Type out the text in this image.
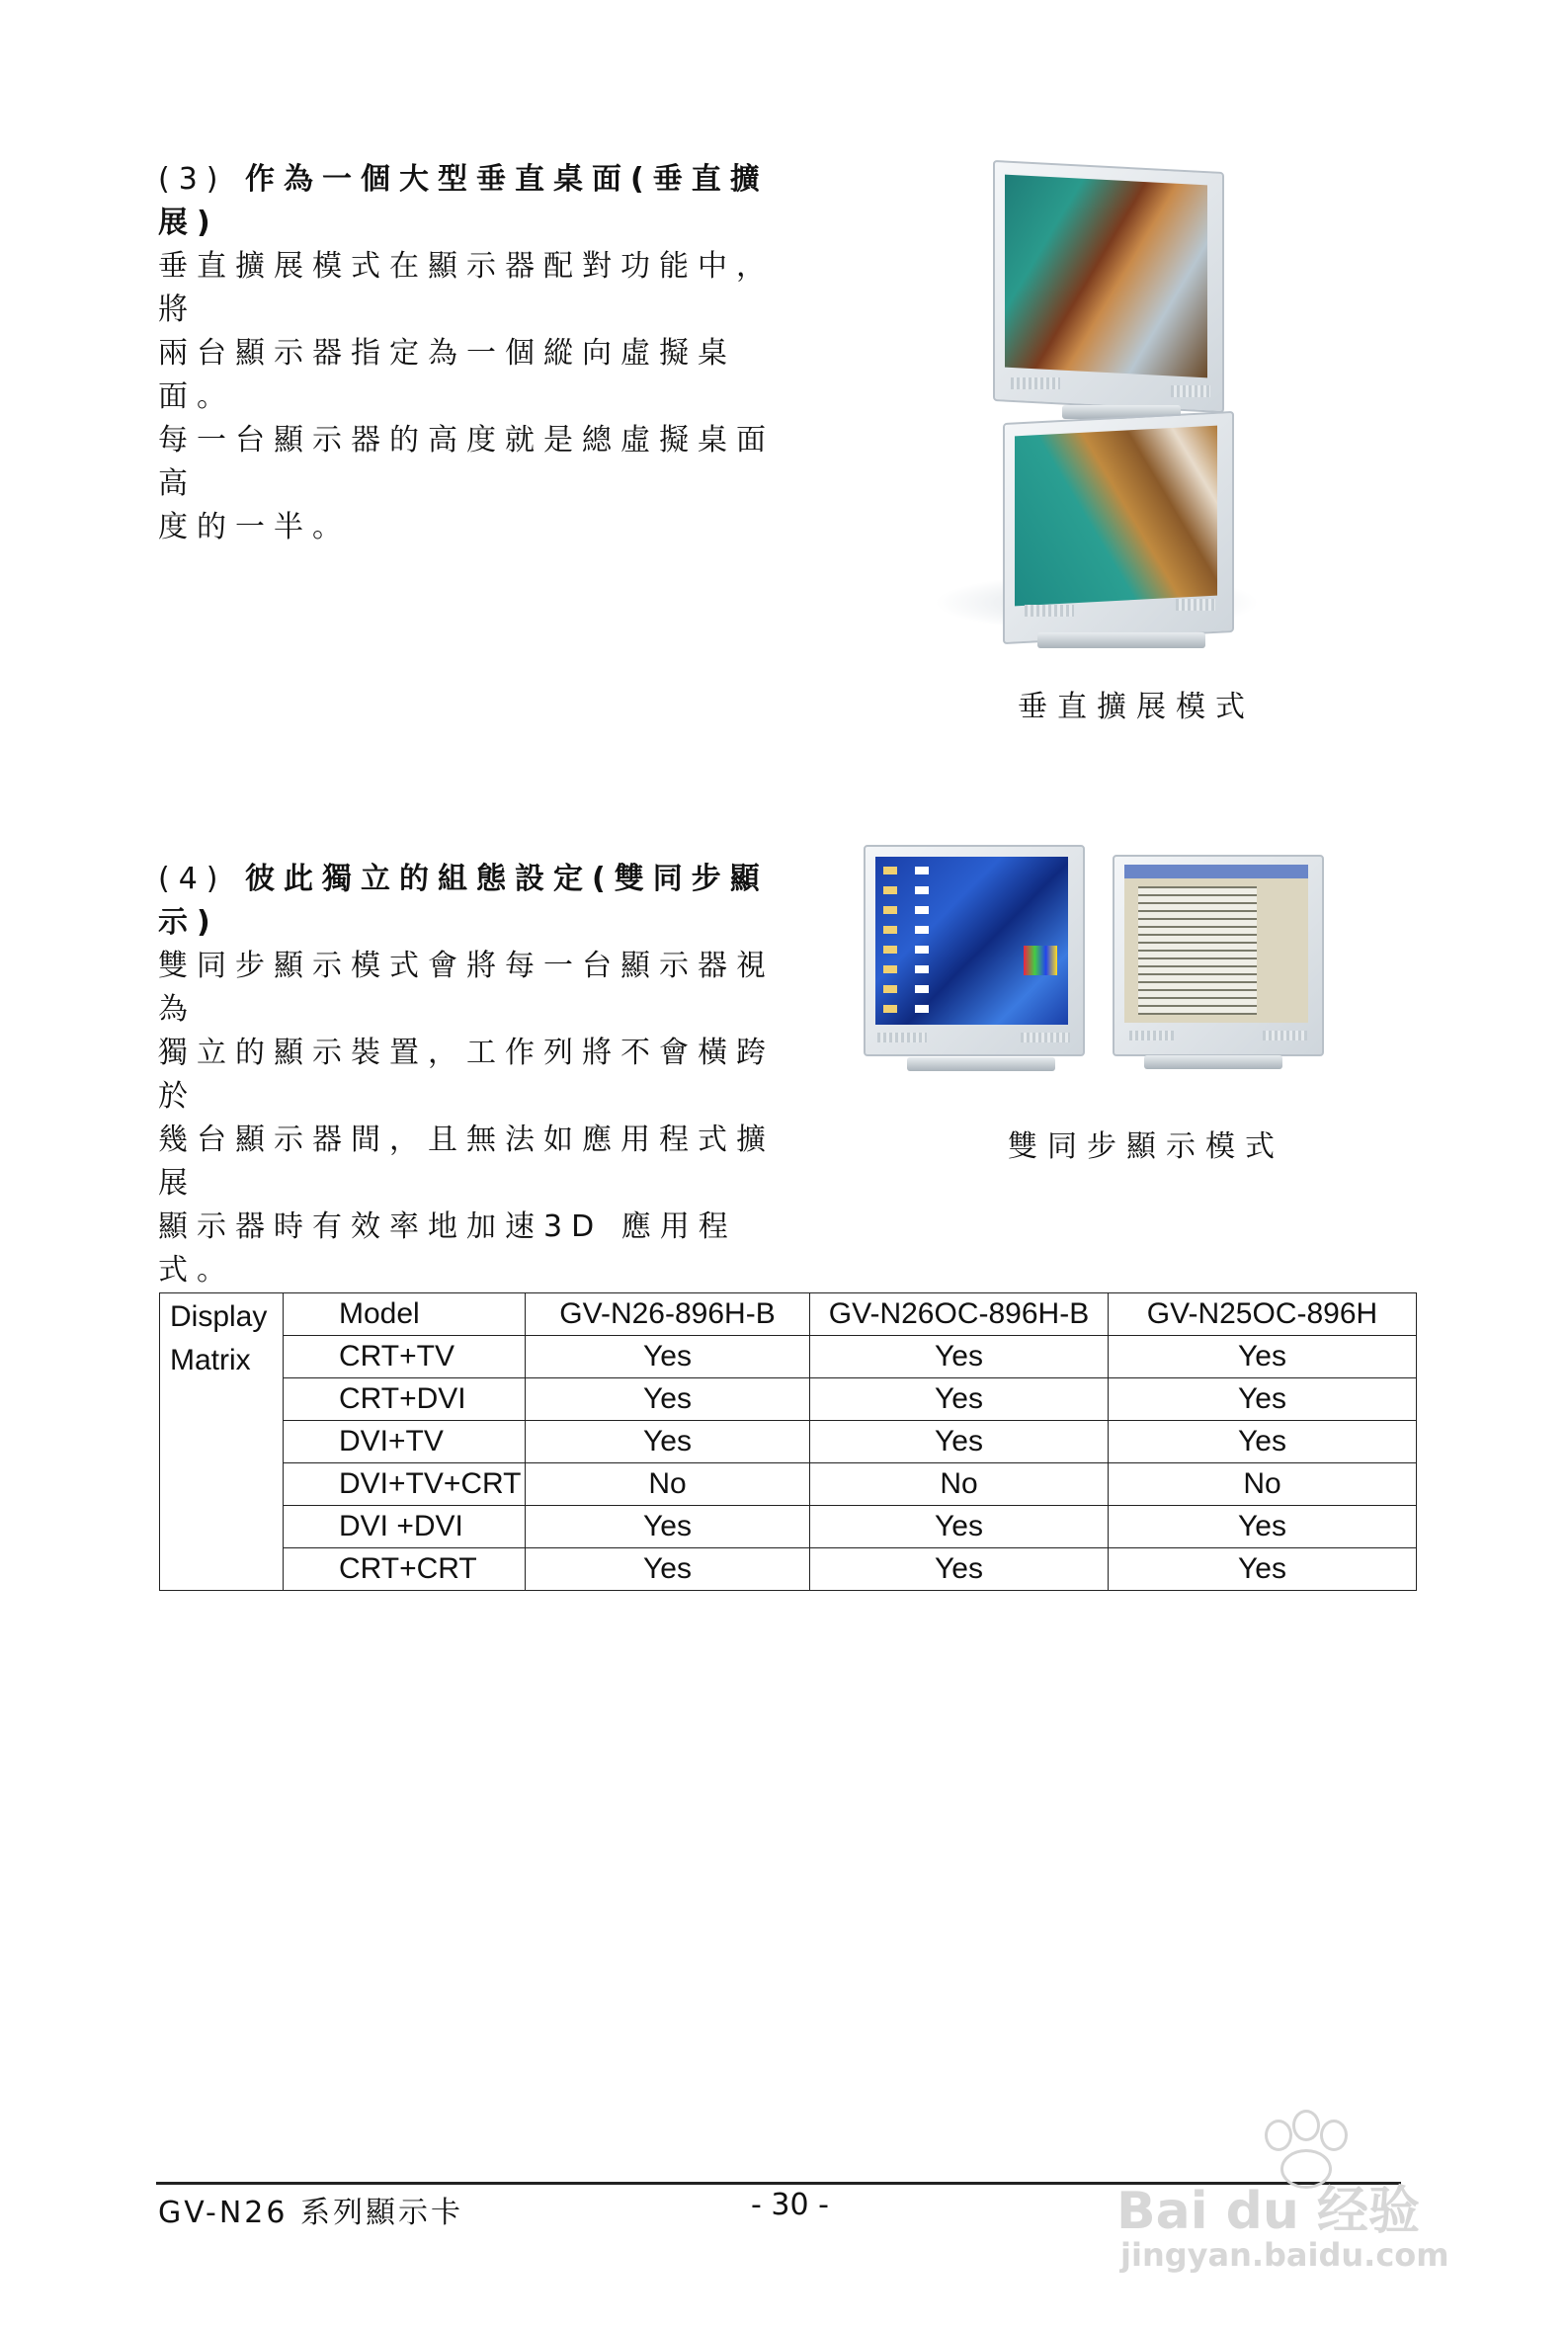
(3) 作為一個大型垂直桌面(垂直擴展)

垂直擴展模式在顯示器配對功能中，將

兩台顯示器指定為一個縱向虛擬桌面。

每一台顯示器的高度就是總虛擬桌面高

度的一半。

垂直擴展模式
(4) 彼此獨立的組態設定(雙同步顯示)

雙同步顯示模式會將每一台顯示器視為

獨立的顯示裝置，工作列將不會橫跨於

幾台顯示器間，且無法如應用程式擴展

顯示器時有效率地加速3D 應用程式。

雙同步顯示模式
Display
Matrix	Model	GV-N26-896H-B	GV-N26OC-896H-B	GV-N25OC-896H
	CRT+TV	Yes	Yes	Yes
	CRT+DVI	Yes	Yes	Yes
	DVI+TV	Yes	Yes	Yes
	DVI+TV+CRT	No	No	No
	DVI +DVI	Yes	Yes	Yes
	CRT+CRT	Yes	Yes	Yes
GV-N26 系列顯示卡	- 30 -	Bai du 经验
jingyan.baidu.com
